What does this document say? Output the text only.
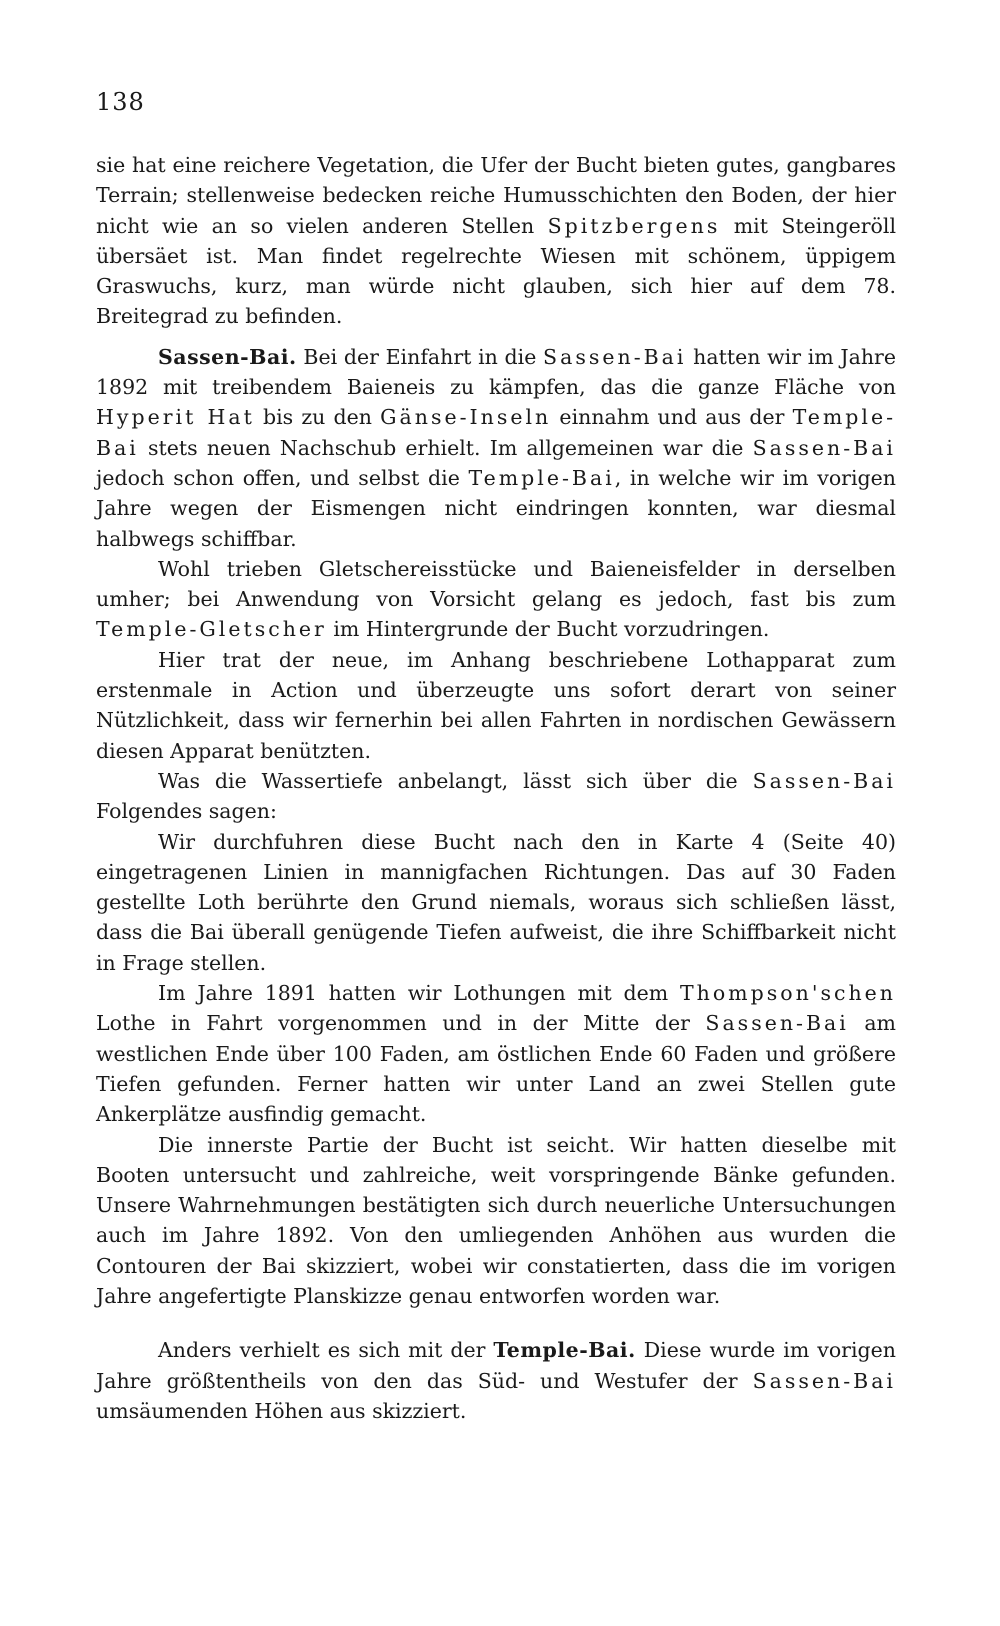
138

sie hat eine reichere Vegetation, die Ufer der Bucht bieten gutes, gangbares Terrain; stellenweise bedecken reiche Humusschichten den Boden, der hier nicht wie an so vielen anderen Stellen Spitzbergens mit Steingeröll übersäet ist. Man findet regelrechte Wiesen mit schönem, üppigem Graswuchs, kurz, man würde nicht glauben, sich hier auf dem 78. Breitegrad zu befinden.

Sassen-Bai. Bei der Einfahrt in die Sassen-Bai hatten wir im Jahre 1892 mit treibendem Baieneis zu kämpfen, das die ganze Fläche von Hyperit Hat bis zu den Gänse-Inseln einnahm und aus der Temple-Bai stets neuen Nachschub erhielt. Im allgemeinen war die Sassen-Bai jedoch schon offen, und selbst die Temple-Bai, in welche wir im vorigen Jahre wegen der Eismengen nicht eindringen konnten, war diesmal halbwegs schiffbar.

Wohl trieben Gletschereisstücke und Baieneisfelder in derselben umher; bei Anwendung von Vorsicht gelang es jedoch, fast bis zum Temple-Gletscher im Hintergrunde der Bucht vorzudringen.

Hier trat der neue, im Anhang beschriebene Lothapparat zum erstenmale in Action und überzeugte uns sofort derart von seiner Nützlichkeit, dass wir fernerhin bei allen Fahrten in nordischen Gewässern diesen Apparat benützten.

Was die Wassertiefe anbelangt, lässt sich über die Sassen-Bai Folgendes sagen:

Wir durchfuhren diese Bucht nach den in Karte 4 (Seite 40) eingetragenen Linien in mannigfachen Richtungen. Das auf 30 Faden gestellte Loth berührte den Grund niemals, woraus sich schließen lässt, dass die Bai überall genügende Tiefen aufweist, die ihre Schiffbarkeit nicht in Frage stellen.

Im Jahre 1891 hatten wir Lothungen mit dem Thompson'schen Lothe in Fahrt vorgenommen und in der Mitte der Sassen-Bai am westlichen Ende über 100 Faden, am östlichen Ende 60 Faden und größere Tiefen gefunden. Ferner hatten wir unter Land an zwei Stellen gute Ankerplätze ausfindig gemacht.

Die innerste Partie der Bucht ist seicht. Wir hatten dieselbe mit Booten untersucht und zahlreiche, weit vorspringende Bänke gefunden. Unsere Wahrnehmungen bestätigten sich durch neuerliche Untersuchungen auch im Jahre 1892. Von den umliegenden Anhöhen aus wurden die Contouren der Bai skizziert, wobei wir constatierten, dass die im vorigen Jahre angefertigte Planskizze genau entworfen worden war.

Anders verhielt es sich mit der Temple-Bai. Diese wurde im vorigen Jahre größtentheils von den das Süd- und Westufer der Sassen-Bai umsäumenden Höhen aus skizziert.
